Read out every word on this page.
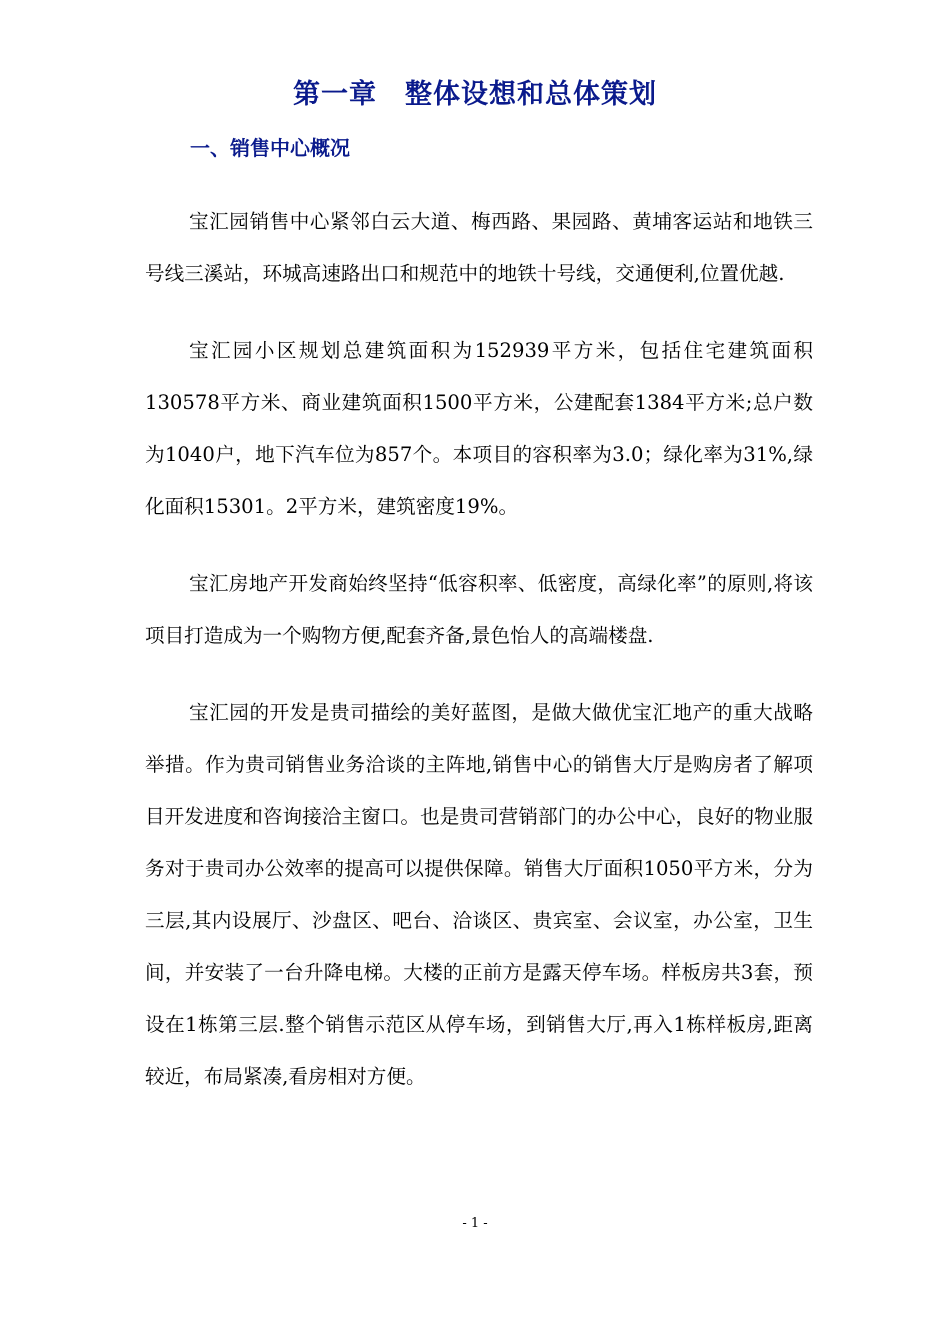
第一章　整体设想和总体策划
一、销售中心概况

宝汇园销售中心紧邻白云大道、梅西路、果园路、黄埔客运站和地铁三号线三溪站，环城高速路出口和规范中的地铁十号线，交通便利,位置优越.

宝汇园小区规划总建筑面积为152939平方米，包括住宅建筑面积130578平方米、商业建筑面积1500平方米，公建配套1384平方米;总户数为1040户，地下汽车位为857个。本项目的容积率为3.0；绿化率为31%,绿化面积15301。2平方米，建筑密度19%。

宝汇房地产开发商始终坚持“低容积率、低密度，高绿化率”的原则,将该项目打造成为一个购物方便,配套齐备,景色怡人的高端楼盘.

宝汇园的开发是贵司描绘的美好蓝图，是做大做优宝汇地产的重大战略举措。作为贵司销售业务洽谈的主阵地,销售中心的销售大厅是购房者了解项目开发进度和咨询接洽主窗口。也是贵司营销部门的办公中心，良好的物业服务对于贵司办公效率的提高可以提供保障。销售大厅面积1050平方米，分为三层,其内设展厅、沙盘区、吧台、洽谈区、贵宾室、会议室，办公室，卫生间，并安装了一台升降电梯。大楼的正前方是露天停车场。样板房共3套，预设在1栋第三层.整个销售示范区从停车场，到销售大厅,再入1栋样板房,距离较近，布局紧凑,看房相对方便。

- 1 -
